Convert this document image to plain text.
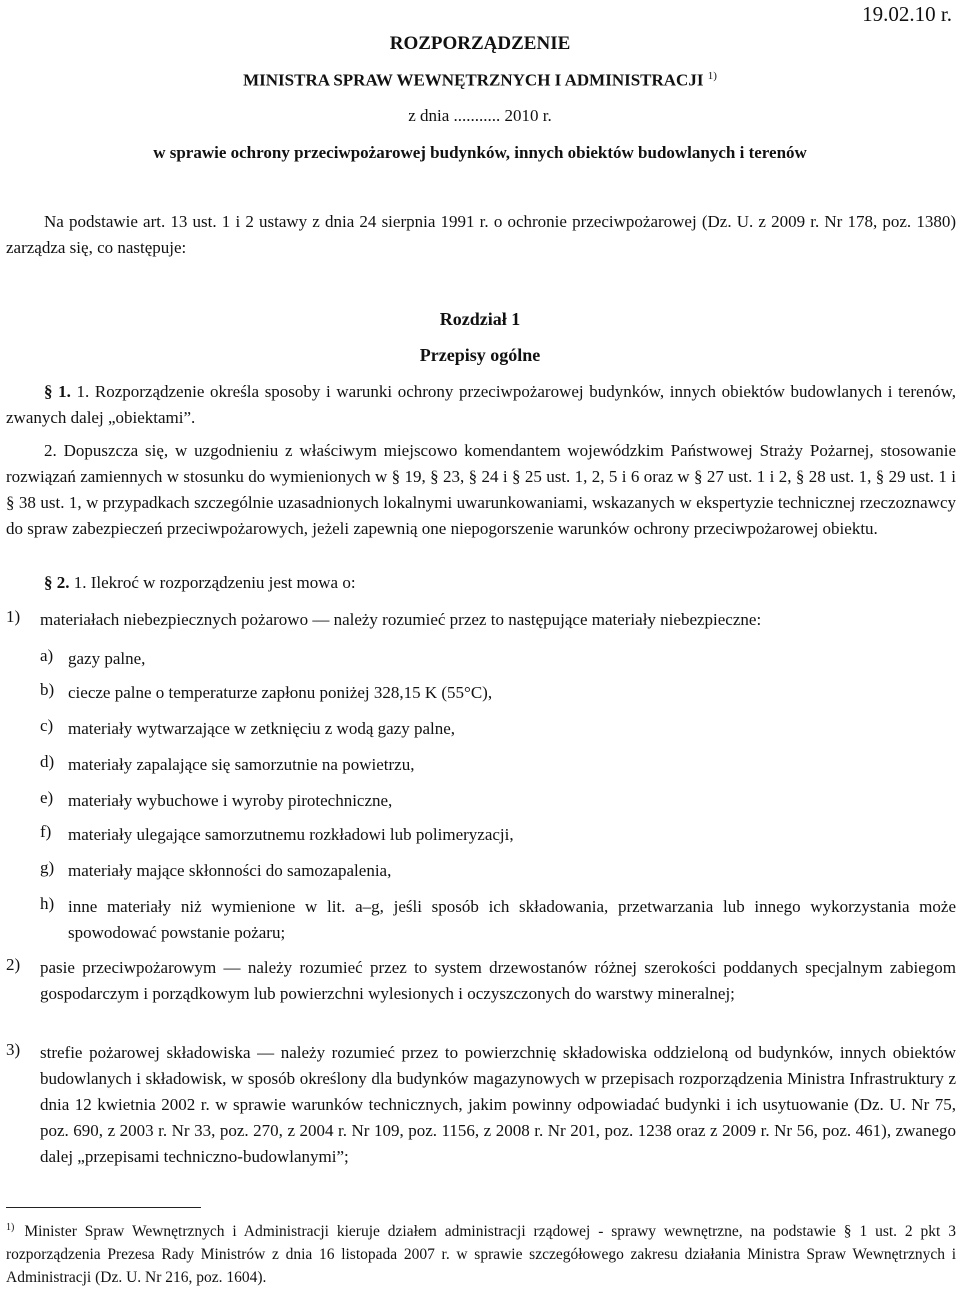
19.02.10 r.
ROZPORZĄDZENIE
MINISTRA SPRAW WEWNĘTRZNYCH I ADMINISTRACJI $^{1)}$
z dnia ........... 2010 r.
w sprawie ochrony przeciwpożarowej budynków, innych obiektów budowlanych i terenów
Na podstawie art. 13 ust. 1 i 2 ustawy z dnia 24 sierpnia 1991 r. o ochronie przeciwpożarowej (Dz. U. z 2009 r. Nr 178, poz. 1380) zarządza się, co następuje:
Rozdział 1
Przepisy ogólne
§ 1. 1. Rozporządzenie określa sposoby i warunki ochrony przeciwpożarowej budynków, innych obiektów budowlanych i terenów, zwanych dalej „obiektami”.
2. Dopuszcza się, w uzgodnieniu z właściwym miejscowo komendantem wojewódzkim Państwowej Straży Pożarnej, stosowanie rozwiązań zamiennych w stosunku do wymienionych w § 19, § 23, § 24 i § 25 ust. 1, 2, 5 i 6 oraz w § 27 ust. 1 i 2, § 28 ust. 1, § 29 ust. 1 i § 38 ust. 1, w przypadkach szczególnie uzasadnionych lokalnymi uwarunkowaniami, wskazanych w ekspertyzie technicznej rzeczoznawcy do spraw zabezpieczeń przeciwpożarowych, jeżeli zapewnią one niepogorszenie warunków ochrony przeciwpożarowej obiektu.
§ 2. 1. Ilekroć w rozporządzeniu jest mowa o:
1) materiałach niebezpiecznych pożarowo — należy rozumieć przez to następujące materiały niebezpieczne:
a) gazy palne,
b) ciecze palne o temperaturze zapłonu poniżej 328,15 K (55°C),
c) materiały wytwarzające w zetknięciu z wodą gazy palne,
d) materiały zapalające się samorzutnie na powietrzu,
e) materiały wybuchowe i wyroby pirotechniczne,
f) materiały ulegające samorzutnemu rozkładowi lub polimeryzacji,
g) materiały mające skłonności do samozapalenia,
h) inne materiały niż wymienione w lit. a–g, jeśli sposób ich składowania, przetwarzania lub innego wykorzystania może spowodować powstanie pożaru;
2) pasie przeciwpożarowym — należy rozumieć przez to system drzewostanów różnej szerokości poddanych specjalnym zabiegom gospodarczym i porządkowym lub powierzchni wylesionych i oczyszczonych do warstwy mineralnej;
3) strefie pożarowej składowiska — należy rozumieć przez to powierzchnię składowiska oddzieloną od budynków, innych obiektów budowlanych i składowisk, w sposób określony dla budynków magazynowych w przepisach rozporządzenia Ministra Infrastruktury z dnia 12 kwietnia 2002 r. w sprawie warunków technicznych, jakim powinny odpowiadać budynki i ich usytuowanie (Dz. U. Nr 75, poz. 690, z 2003 r. Nr 33, poz. 270, z 2004 r. Nr 109, poz. 1156, z 2008 r. Nr 201, poz. 1238 oraz z 2009 r. Nr 56, poz. 461), zwanego dalej „przepisami techniczno-budowlanymi”;
$^{1)}$ Minister Spraw Wewnętrznych i Administracji kieruje działem administracji rządowej - sprawy wewnętrzne, na podstawie § 1 ust. 2 pkt 3 rozporządzenia Prezesa Rady Ministrów z dnia 16 listopada 2007 r. w sprawie szczegółowego zakresu działania Ministra Spraw Wewnętrznych i Administracji (Dz. U. Nr 216, poz. 1604).
